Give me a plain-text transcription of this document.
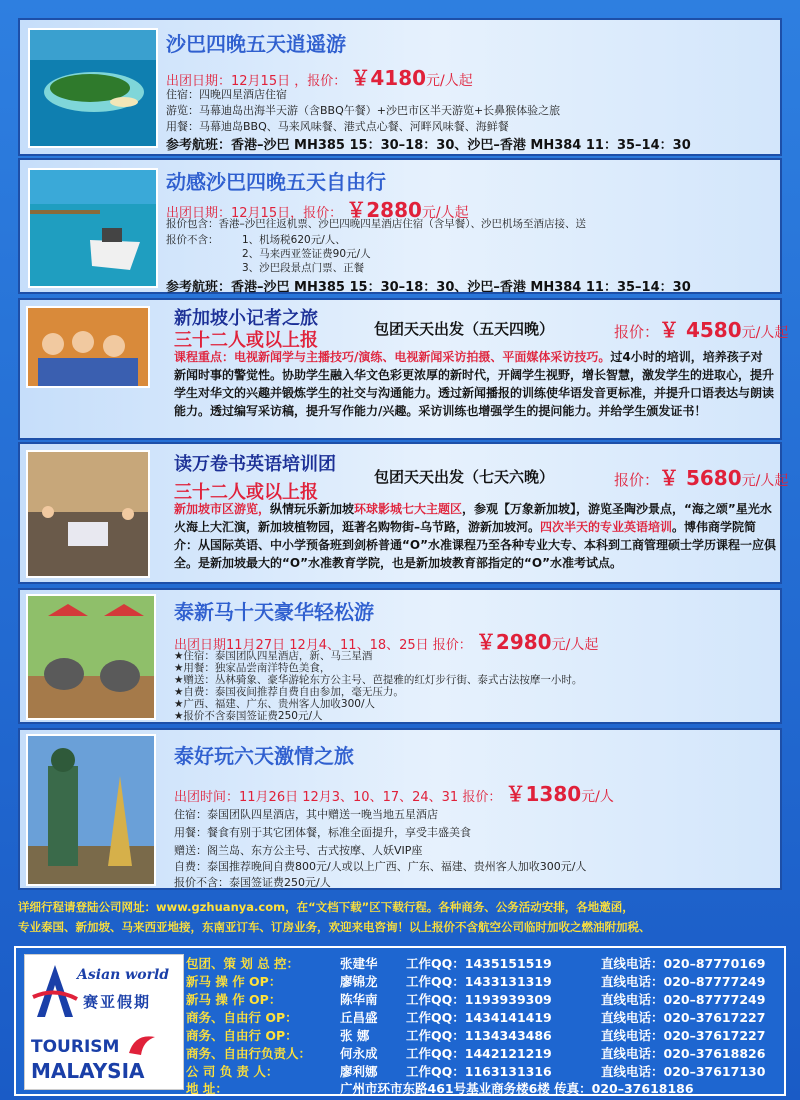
沙巴四晚五天逍遥游
出团日期：12月15日 ，报价： ￥4180元/人起
住宿：四晚四星酒店住宿
游览：马幕迪岛出海半天游（含BBQ午餐）+沙巴市区半天游览+长鼻猴体验之旅
用餐：马幕迪岛BBQ、马来风味餐、港式点心餐、河畔风味餐、海鲜餐
参考航班：香港–沙巴 MH385 15：30–18：30、沙巴–香港 MH384 11：35–14：30
动感沙巴四晚五天自由行
出团日期：12月15日，报价： ￥2880元/人起
报价包含：香港–沙巴往返机票、沙巴四晚四星酒店住宿（含早餐）、沙巴机场至酒店接、送
报价不含： 1、机场税620元/人、
2、马来西亚签证费90元/人
3、沙巴段景点门票、正餐
参考航班：香港–沙巴 MH385 15：30–18：30、沙巴–香港 MH384 11：35–14：30
新加坡小记者之旅
三十二人或以上报
包团天天出发（五天四晚）	报价：￥ 4580元/人起
课程重点：电视新闻学与主播技巧/演练、电视新闻采访拍摄、平面媒体采访技巧。过4小时的培训，培养孩子对新闻时事的警觉性。协助学生融入华文色彩更浓厚的新时代，开阔学生视野，增长智慧，激发学生的进取心，提升学生对华文的兴趣并锻炼学生的社交与沟通能力。透过新闻播报的训练使华语发音更标准，并提升口语表达与朗读能力。透过编写采访稿，提升写作能力/兴趣。采访训练也增强学生的提问能力。并给学生颁发证书！
读万卷书英语培训团
三十二人或以上报
包团天天出发（七天六晚）	报价：￥ 5680元/人起
新加坡市区游览，纵情玩乐新加坡环球影城七大主题区，参观【万象新加坡】，游览圣陶沙景点，“海之颂”星光水火海上大汇演，新加坡植物园，逛著名购物街–乌节路，游新加坡河。四次半天的专业英语培训。博伟商学院简介：从国际英语、中小学预备班到剑桥普通“O”水准课程乃至各种专业大专、本科到工商管理硕士学历课程一应俱全。是新加坡最大的“O”水准教育学院，也是新加坡教育部指定的“O”水准考试点。
泰新马十天豪华轻松游
出团日期11月27日 12月4、11、18、25日 报价： ￥2980元/人起
★住宿：泰国团队四星酒店，新、马三星酒
★用餐：独家品尝南洋特色美食，
★赠送：丛林骑象、豪华游轮东方公主号、芭提雅的红灯步行街、泰式古法按摩一小时。
★自费：泰国夜间推荐自费自由参加，毫无压力。
★广西、福建、广东、贵州客人加收300/人
★报价不含泰国签证费250元/人
泰好玩六天激情之旅
出团时间：11月26日 12月3、10、17、24、31 报价： ￥1380元/人
住宿：泰国团队四星酒店，其中赠送一晚当地五星酒店
用餐：餐食有别于其它团体餐，标准全面提升，享受丰盛美食
赠送：阁兰岛、东方公主号、古式按摩、人妖VIP座
自费：泰国推荐晚间自费800元/人或以上广西、广东、福建、贵州客人加收300元/人
报价不含：泰国签证费250元/人
详细行程请登陆公司网址：www.gzhuanya.com，在“文档下载”区下载行程。各种商务、公务活动安排，各地邀函，
专业泰国、新加坡、马来西亚地接，东南亚订车、订房业务，欢迎来电咨询！以上报价不含航空公司临时加收之燃油附加税、
Asian world
赛亚假期
TOURISM
MALAYSIA
包团、策 划 总 控：	张建华 工作QQ：1435151519	直线电话：020–87770169
新马 操 作 OP：	廖锦龙 工作QQ：1433131319	直线电话：020–87777249
新马 操 作 OP：	陈华南 工作QQ：1193939309	直线电话：020–87777249
商务、自由行 OP：	丘昌盛 工作QQ：1434141419	直线电话：020–37617227
商务、自由行 OP：	张 娜	工作QQ：1134343486	直线电话：020–37617227
商务、自由行负责人： 何永成 工作QQ：1442121219	直线电话：020–37618826
公 司 负 责 人：	廖利娜 工作QQ：1163131316	直线电话：020–37617130
地 址：	广州市环市东路461号基业商务楼6楼 传真：020–37618186
